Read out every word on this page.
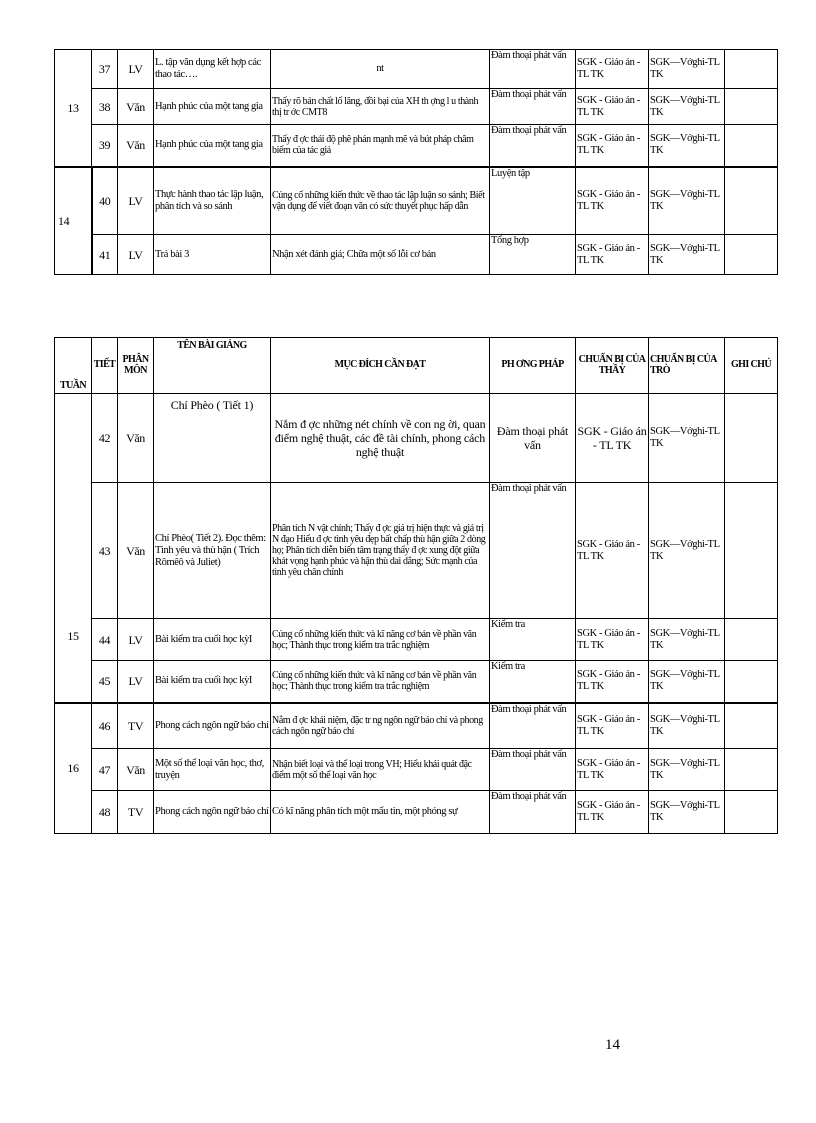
13	37	LV	L. tập văn dụng kết hợp các thao tác….	nt	Đàm thoại phát vấn	SGK - Giáo án -TL TK	SGK—Vởghi-TL TK	
	38	Văn	Hạnh phúc của một tang gia	Thấy rõ bản chất lố lăng, đồi bại của XH th ợng l u thành thị tr ớc CMT8	Đàm thoại phát vấn	SGK - Giáo án -TL TK	SGK—Vởghi-TL TK	
	39	Văn	Hạnh phúc của một tang gia	Thấy đ ợc thái độ phê phán mạnh mẽ và bút pháp châm biếm của tác giả	Đàm thoại phát vấn	SGK - Giáo án -TL TK	SGK—Vởghi-TL TK	
14	40	LV	Thực hành thao tác lập luận, phân tích và so sánh	Củng cố những kiến thức về thao tác lập luận so sánh; Biết vận dụng để viết đoạn văn có sức thuyết phục hấp dẫn	Luyện tập	SGK - Giáo án -TL TK	SGK—Vởghi-TL TK	
	41	LV	Trả bài 3	Nhận xét đánh giá; Chữa một số lỗi cơ bản	Tổng hợp	SGK - Giáo án -TL TK	SGK—Vởghi-TL TK	
TUẦN	TIẾT	PHÂN MÔN	TÊN BÀI GIẢNG	MỤC ĐÍCH CẦN ĐẠT	PH ƠNG PHÁP	CHUẨN BỊ CỦA THẦY	CHUẨN BỊ CỦA TRÒ	GHI CHÚ
15	42	Văn	Chí Phèo ( Tiết 1)	Nắm đ ợc những nét chính về con ng ời, quan điểm nghệ thuật, các đề tài chính, phong cách nghệ thuật	Đàm thoại phát vấn	SGK - Giáo án - TL TK	SGK—Vởghi-TL TK	
	43	Văn	Chí Phèo( Tiết 2). Đọc thêm: Tình yêu và thù hận ( Trích Rômêô và Juliet)	Phân tích N vật chính; Thấy đ ợc giá trị hiện thực và giá trị N đạo Hiểu đ ợc tình yêu đẹp bất chấp thù hận giữa 2 dòng họ; Phân tích diễn biến tâm trạng thấy đ ợc xung đột giữa khát vọng hạnh phúc và hận thù dai dẳng; Sức mạnh của tình yêu chân chính	Đàm thoại phát vấn	SGK - Giáo án -TL TK	SGK—Vởghi-TL TK	
	44	LV	Bài kiểm tra cuối học kỳI	Củng cố những kiến thức và kĩ năng cơ bản về phần văn học; Thành thục trong kiểm tra trắc nghiệm	Kiểm tra	SGK - Giáo án -TL TK	SGK—Vởghi-TL TK	
	45	LV	Bài kiểm tra cuối học kỳI	Củng cố những kiến thức và kĩ năng cơ bản về phần văn học; Thành thục trong kiểm tra trắc nghiệm	Kiểm tra	SGK - Giáo án -TL TK	SGK—Vởghi-TL TK	
16	46	TV	Phong cách ngôn ngữ báo chí	Nắm đ ợc khái niệm, đặc tr ng ngôn ngữ báo chí và phong cách ngôn ngữ báo chí	Đàm thoại phát vấn	SGK - Giáo án -TL TK	SGK—Vởghi-TL TK	
	47	Văn	Một số thể loại văn học, thơ, truyện	Nhận biết loại và thể loại trong VH; Hiểu khái quát đặc điểm một số thể loại văn học	Đàm thoại phát vấn	SGK - Giáo án -TL TK	SGK—Vởghi-TL TK	
	48	TV	Phong cách ngôn ngữ báo chí	Có kĩ năng phân tích một mẩu tin, một phóng sự	Đàm thoại phát vấn	SGK - Giáo án -TL TK	SGK—Vởghi-TL TK	
14
